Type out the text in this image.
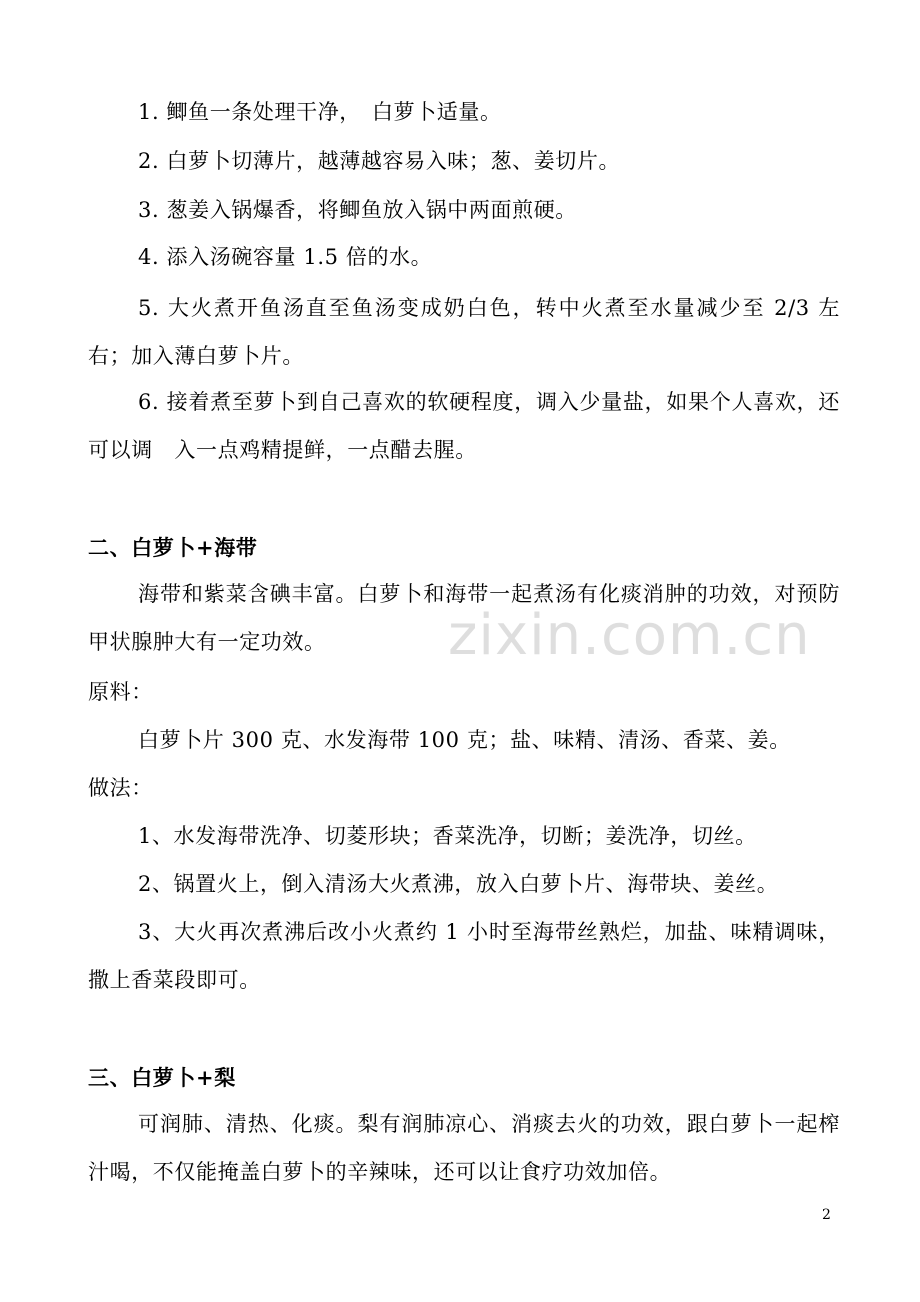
1. 鲫鱼一条处理干净，　白萝卜适量。

2. 白萝卜切薄片，越薄越容易入味；葱、姜切片。

3. 葱姜入锅爆香，将鲫鱼放入锅中两面煎硬。

4. 添入汤碗容量 1.5 倍的水。

5. 大火煮开鱼汤直至鱼汤变成奶白色，转中火煮至水量减少至 2/3 左右；加入薄白萝卜片。

6. 接着煮至萝卜到自己喜欢的软硬程度，调入少量盐，如果个人喜欢，还可以调　入一点鸡精提鲜，一点醋去腥。

二、白萝卜+海带

海带和紫菜含碘丰富。白萝卜和海带一起煮汤有化痰消肿的功效，对预防甲状腺肿大有一定功效。

原料：

白萝卜片 300 克、水发海带 100 克；盐、味精、清汤、香菜、姜。

做法：

1、水发海带洗净、切菱形块；香菜洗净，切断；姜洗净，切丝。

2、锅置火上，倒入清汤大火煮沸，放入白萝卜片、海带块、姜丝。

3、大火再次煮沸后改小火煮约 1 小时至海带丝熟烂，加盐、味精调味，撒上香菜段即可。

三、白萝卜+梨

可润肺、清热、化痰。梨有润肺凉心、消痰去火的功效，跟白萝卜一起榨汁喝，不仅能掩盖白萝卜的辛辣味，还可以让食疗功效加倍。

zixin.com.cn
2
